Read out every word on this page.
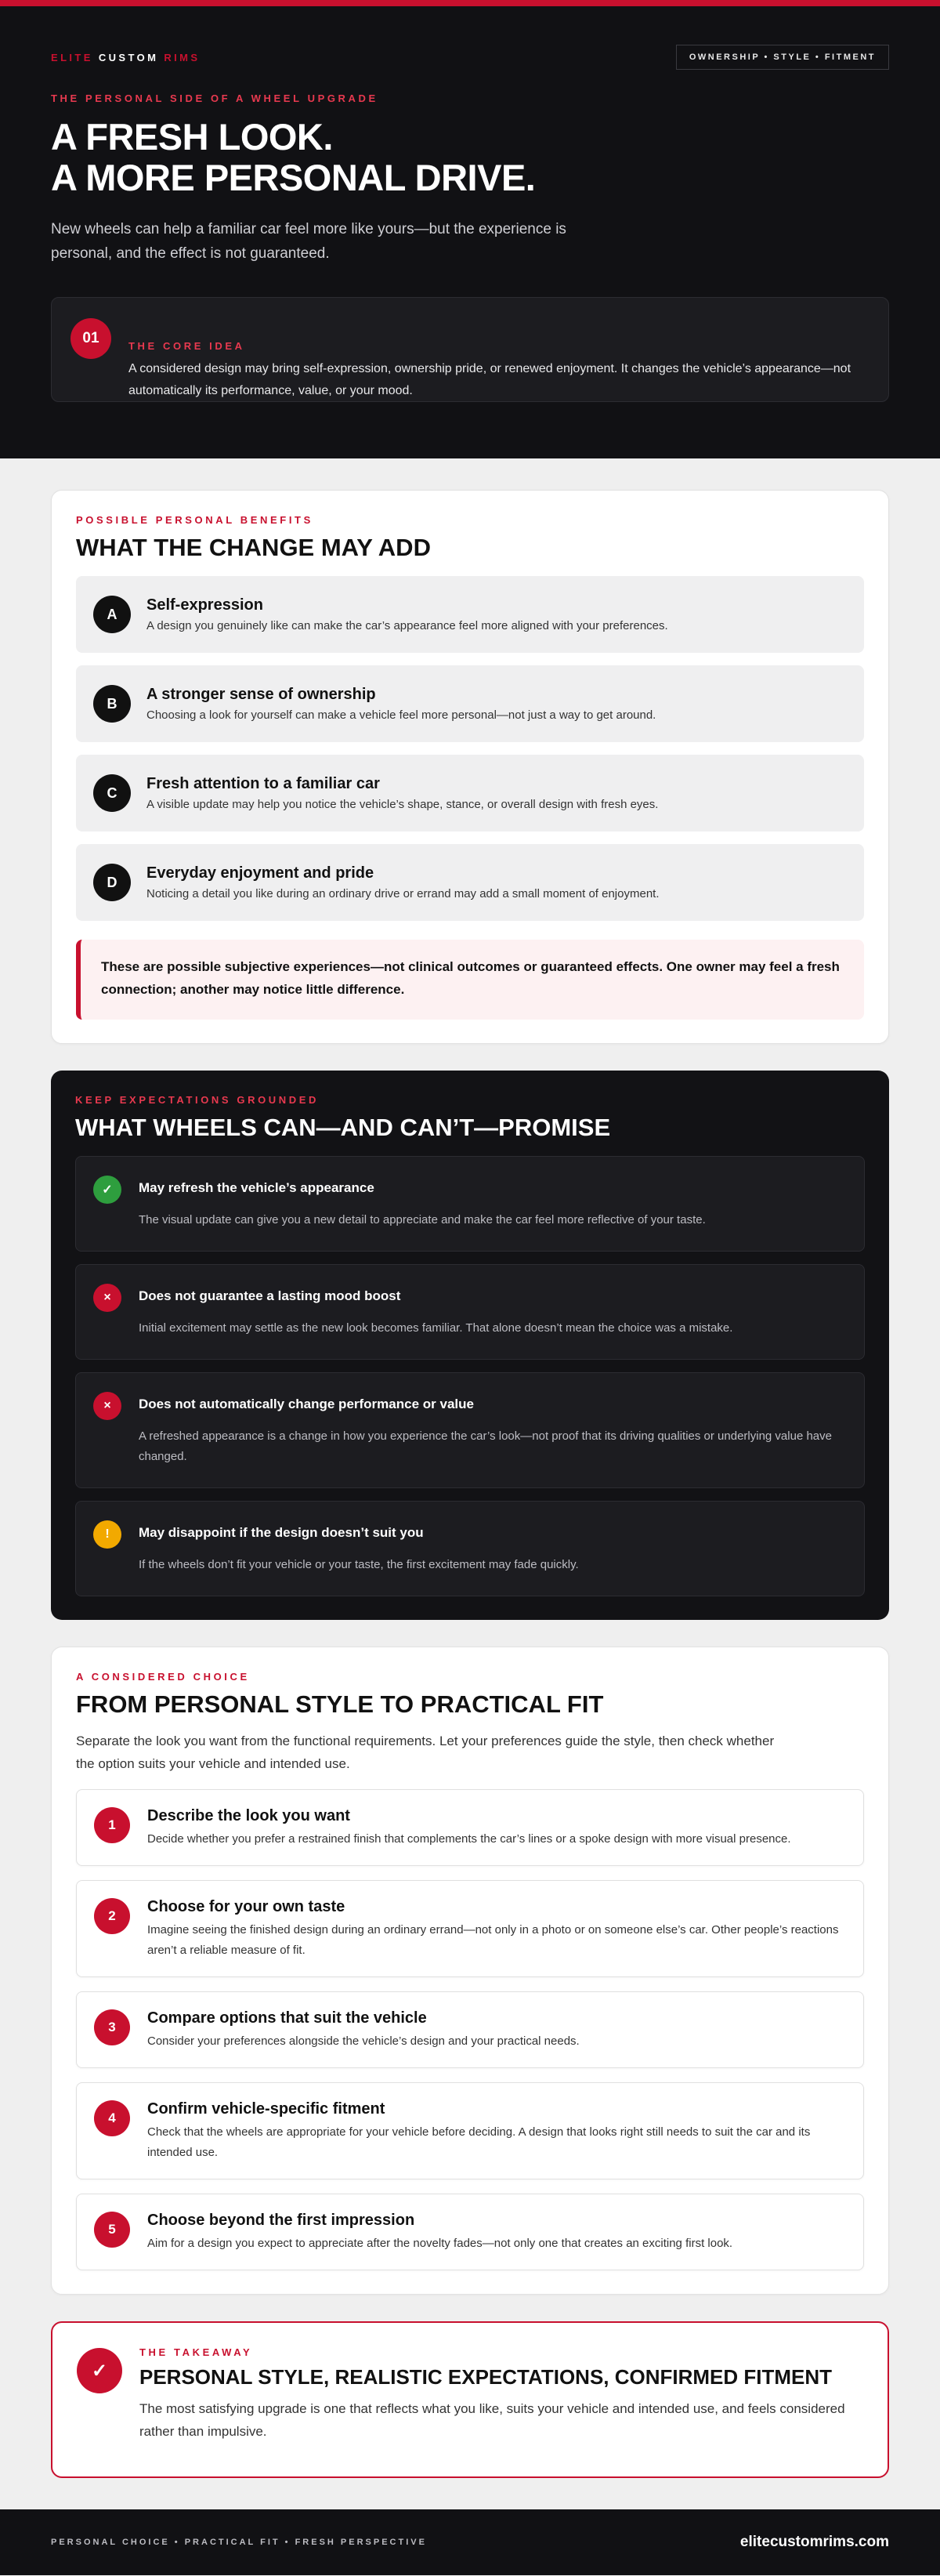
ELITE CUSTOM RIMS	OWNERSHIP • STYLE • FITMENT
THE PERSONAL SIDE OF A WHEEL UPGRADE
A FRESH LOOK.
A MORE PERSONAL DRIVE.

New wheels can help a familiar car feel more like yours—but the experience is personal, and the effect is not guaranteed.

01	THE CORE IDEA

A considered design may bring self-expression, ownership pride, or renewed enjoyment. It changes the vehicle’s appearance—not automatically its performance, value, or your mood.

POSSIBLE PERSONAL BENEFITS
WHAT THE CHANGE MAY ADD
A
Self-expression

A design you genuinely like can make the car’s appearance feel more aligned with your preferences.

B
A stronger sense of ownership

Choosing a look for yourself can make a vehicle feel more personal—not just a way to get around.

C
Fresh attention to a familiar car

A visible update may help you notice the vehicle’s shape, stance, or overall design with fresh eyes.

D
Everyday enjoyment and pride

Noticing a detail you like during an ordinary drive or errand may add a small moment of enjoyment.

These are possible subjective experiences—not clinical outcomes or guaranteed effects. One owner may feel a fresh connection; another may notice little difference.
KEEP EXPECTATIONS GROUNDED
WHAT WHEELS CAN—AND CAN’T—PROMISE
✓	May refresh the vehicle’s appearance

The visual update can give you a new detail to appreciate and make the car feel more reflective of your taste.

×	Does not guarantee a lasting mood boost

Initial excitement may settle as the new look becomes familiar. That alone doesn’t mean the choice was a mistake.

×	Does not automatically change performance or value

A refreshed appearance is a change in how you experience the car’s look—not proof that its driving qualities or underlying value have changed.

!	May disappoint if the design doesn’t suit you

If the wheels don’t fit your vehicle or your taste, the first excitement may fade quickly.

A CONSIDERED CHOICE
FROM PERSONAL STYLE TO PRACTICAL FIT

Separate the look you want from the functional requirements. Let your preferences guide the style, then check whether the option suits your vehicle and intended use.

1
Describe the look you want

Decide whether you prefer a restrained finish that complements the car’s lines or a spoke design with more visual presence.

2
Choose for your own taste

Imagine seeing the finished design during an ordinary errand—not only in a photo or on someone else’s car. Other people’s reactions aren’t a reliable measure of fit.

3
Compare options that suit the vehicle

Consider your preferences alongside the vehicle’s design and your practical needs.

4
Confirm vehicle-specific fitment

Check that the wheels are appropriate for your vehicle before deciding. A design that looks right still needs to suit the car and its intended use.

5
Choose beyond the first impression

Aim for a design you expect to appreciate after the novelty fades—not only one that creates an exciting first look.

✓
THE TAKEAWAY
PERSONAL STYLE, REALISTIC EXPECTATIONS, CONFIRMED FITMENT

The most satisfying upgrade is one that reflects what you like, suits your vehicle and intended use, and feels considered rather than impulsive.

PERSONAL CHOICE • PRACTICAL FIT • FRESH PERSPECTIVE	elitecustomrims.com
